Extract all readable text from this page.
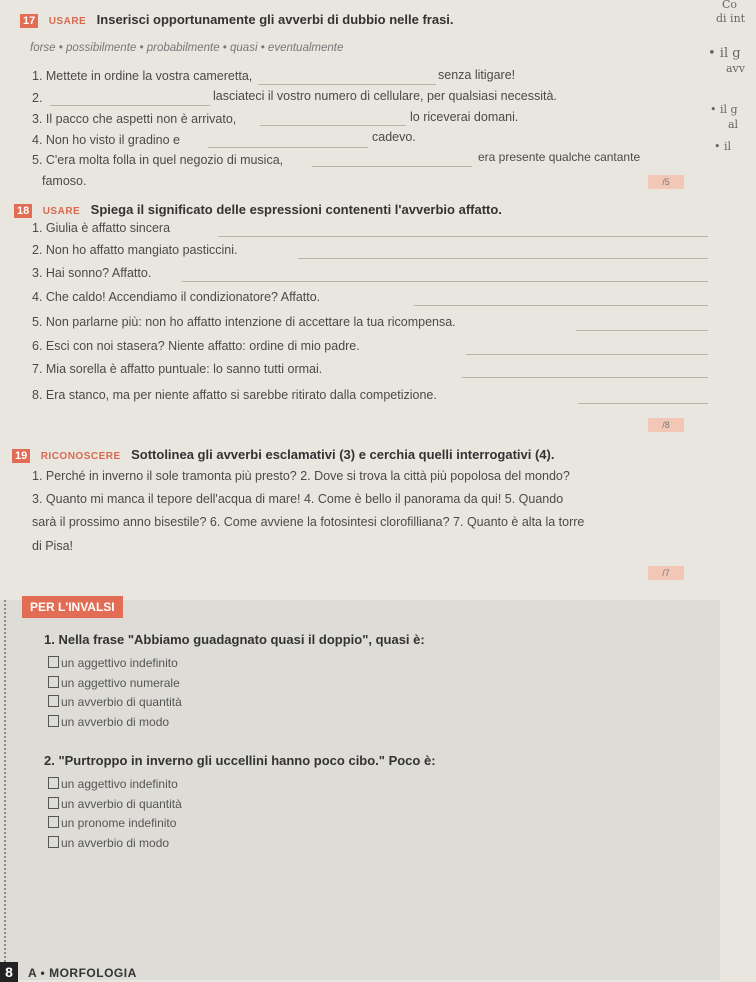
Co
di int
• il g
avv
• il g
al
• il
17 USARE Inserisci opportunamente gli avverbi di dubbio nelle frasi.
forse • possibilmente • probabilmente • quasi • eventualmente
1. Mettete in ordine la vostra cameretta,	senza litigare!
2.	lasciateci il vostro numero di cellulare, per qualsiasi necessità.
3. Il pacco che aspetti non è arrivato,	lo riceverai domani.
4. Non ho visto il gradino e	cadevo.
5. C'era molta folla in quel negozio di musica,	era presente qualche cantante
famoso.	/5
18 USARE Spiega il significato delle espressioni contenenti l'avverbio affatto.
1. Giulia è affatto sincera
2. Non ho affatto mangiato pasticcini.
3. Hai sonno? Affatto.
4. Che caldo! Accendiamo il condizionatore? Affatto.
5. Non parlarne più: non ho affatto intenzione di accettare la tua ricompensa.
6. Esci con noi stasera? Niente affatto: ordine di mio padre.
7. Mia sorella è affatto puntuale: lo sanno tutti ormai.
8. Era stanco, ma per niente affatto si sarebbe ritirato dalla competizione.
/8
19 RICONOSCERE Sottolinea gli avverbi esclamativi (3) e cerchia quelli interrogativi (4).
1. Perché in inverno il sole tramonta più presto? 2. Dove si trova la città più popolosa del mondo?
3. Quanto mi manca il tepore dell'acqua di mare! 4. Come è bello il panorama da qui! 5. Quando
sarà il prossimo anno bisestile? 6. Come avviene la fotosintesi clorofilliana? 7. Quanto è alta la torre
di Pisa!
/7
PER L'INVALSI
1. Nella frase "Abbiamo guadagnato quasi il doppio", quasi è:
un aggettivo indefinito
un aggettivo numerale
un avverbio di quantità
un avverbio di modo
2. "Purtroppo in inverno gli uccellini hanno poco cibo." Poco è:
un aggettivo indefinito
un avverbio di quantità
un pronome indefinito
un avverbio di modo
8	A • MORFOLOGIA
